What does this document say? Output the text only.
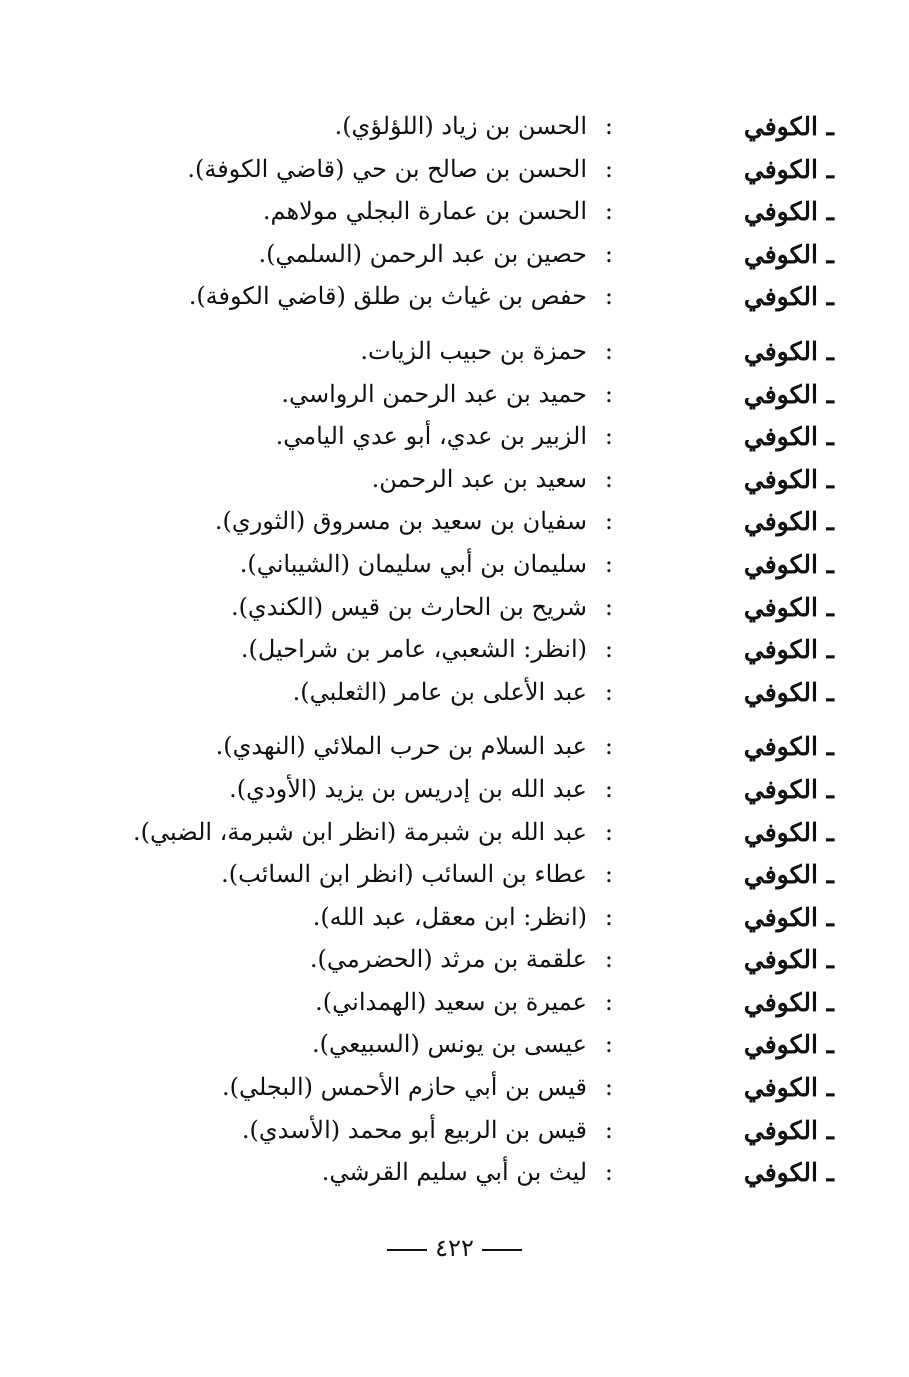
ـ الكوفي
:
الحسن بن زياد (اللؤلؤي).
ـ الكوفي
:
الحسن بن صالح بن حي (قاضي الكوفة).
ـ الكوفي
:
الحسن بن عمارة البجلي مولاهم.
ـ الكوفي
:
حصين بن عبد الرحمن (السلمي).
ـ الكوفي
:
حفص بن غياث بن طلق (قاضي الكوفة).
ـ الكوفي
:
حمزة بن حبيب الزيات.
ـ الكوفي
:
حميد بن عبد الرحمن الرواسي.
ـ الكوفي
:
الزبير بن عدي، أبو عدي اليامي.
ـ الكوفي
:
سعيد بن عبد الرحمن.
ـ الكوفي
:
سفيان بن سعيد بن مسروق (الثوري).
ـ الكوفي
:
سليمان بن أبي سليمان (الشيباني).
ـ الكوفي
:
شريح بن الحارث بن قيس (الكندي).
ـ الكوفي
:
(انظر: الشعبي، عامر بن شراحيل).
ـ الكوفي
:
عبد الأعلى بن عامر (الثعلبي).
ـ الكوفي
:
عبد السلام بن حرب الملائي (النهدي).
ـ الكوفي
:
عبد الله بن إدريس بن يزيد (الأودي).
ـ الكوفي
:
عبد الله بن شبرمة (انظر ابن شبرمة، الضبي).
ـ الكوفي
:
عطاء بن السائب (انظر ابن السائب).
ـ الكوفي
:
(انظر: ابن معقل، عبد الله).
ـ الكوفي
:
علقمة بن مرثد (الحضرمي).
ـ الكوفي
:
عميرة بن سعيد (الهمداني).
ـ الكوفي
:
عيسى بن يونس (السبيعي).
ـ الكوفي
:
قيس بن أبي حازم الأحمس (البجلي).
ـ الكوفي
:
قيس بن الربيع أبو محمد (الأسدي).
ـ الكوفي
:
ليث بن أبي سليم القرشي.
٤٢٢
